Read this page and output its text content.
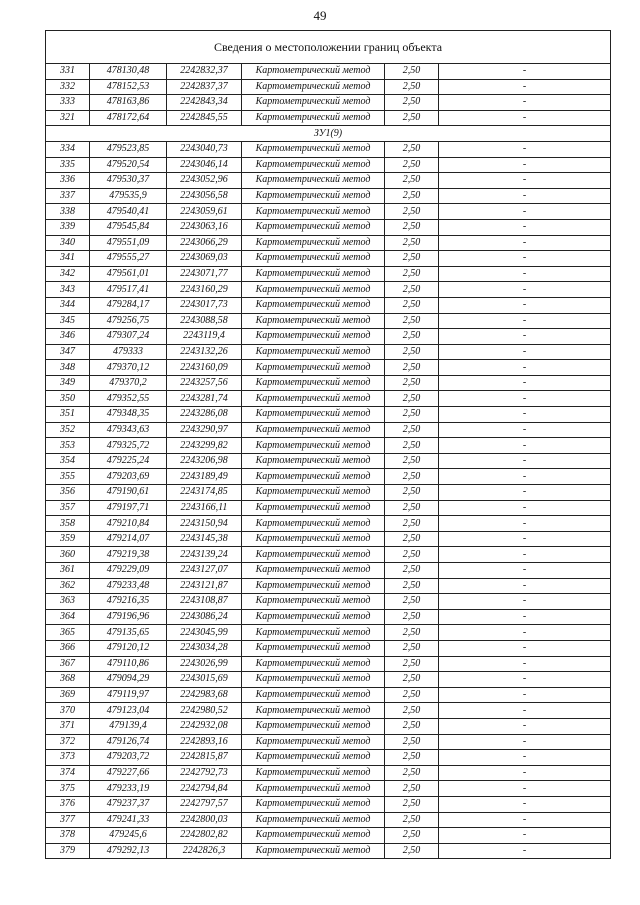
49
Сведения о местоположении границ объекта					
331	478130,48	2242832,37	Картометрический метод	2,50	-
332	478152,53	2242837,37	Картометрический метод	2,50	-
333	478163,86	2242843,34	Картометрический метод	2,50	-
321	478172,64	2242845,55	Картометрический метод	2,50	-
ЗУ1(9)					
334	479523,85	2243040,73	Картометрический метод	2,50	-
335	479520,54	2243046,14	Картометрический метод	2,50	-
336	479530,37	2243052,96	Картометрический метод	2,50	-
337	479535,9	2243056,58	Картометрический метод	2,50	-
338	479540,41	2243059,61	Картометрический метод	2,50	-
339	479545,84	2243063,16	Картометрический метод	2,50	-
340	479551,09	2243066,29	Картометрический метод	2,50	-
341	479555,27	2243069,03	Картометрический метод	2,50	-
342	479561,01	2243071,77	Картометрический метод	2,50	-
343	479517,41	2243160,29	Картометрический метод	2,50	-
344	479284,17	2243017,73	Картометрический метод	2,50	-
345	479256,75	2243088,58	Картометрический метод	2,50	-
346	479307,24	2243119,4	Картометрический метод	2,50	-
347	479333	2243132,26	Картометрический метод	2,50	-
348	479370,12	2243160,09	Картометрический метод	2,50	-
349	479370,2	2243257,56	Картометрический метод	2,50	-
350	479352,55	2243281,74	Картометрический метод	2,50	-
351	479348,35	2243286,08	Картометрический метод	2,50	-
352	479343,63	2243290,97	Картометрический метод	2,50	-
353	479325,72	2243299,82	Картометрический метод	2,50	-
354	479225,24	2243206,98	Картометрический метод	2,50	-
355	479203,69	2243189,49	Картометрический метод	2,50	-
356	479190,61	2243174,85	Картометрический метод	2,50	-
357	479197,71	2243166,11	Картометрический метод	2,50	-
358	479210,84	2243150,94	Картометрический метод	2,50	-
359	479214,07	2243145,38	Картометрический метод	2,50	-
360	479219,38	2243139,24	Картометрический метод	2,50	-
361	479229,09	2243127,07	Картометрический метод	2,50	-
362	479233,48	2243121,87	Картометрический метод	2,50	-
363	479216,35	2243108,87	Картометрический метод	2,50	-
364	479196,96	2243086,24	Картометрический метод	2,50	-
365	479135,65	2243045,99	Картометрический метод	2,50	-
366	479120,12	2243034,28	Картометрический метод	2,50	-
367	479110,86	2243026,99	Картометрический метод	2,50	-
368	479094,29	2243015,69	Картометрический метод	2,50	-
369	479119,97	2242983,68	Картометрический метод	2,50	-
370	479123,04	2242980,52	Картометрический метод	2,50	-
371	479139,4	2242932,08	Картометрический метод	2,50	-
372	479126,74	2242893,16	Картометрический метод	2,50	-
373	479203,72	2242815,87	Картометрический метод	2,50	-
374	479227,66	2242792,73	Картометрический метод	2,50	-
375	479233,19	2242794,84	Картометрический метод	2,50	-
376	479237,37	2242797,57	Картометрический метод	2,50	-
377	479241,33	2242800,03	Картометрический метод	2,50	-
378	479245,6	2242802,82	Картометрический метод	2,50	-
379	479292,13	2242826,3	Картометрический метод	2,50	-
